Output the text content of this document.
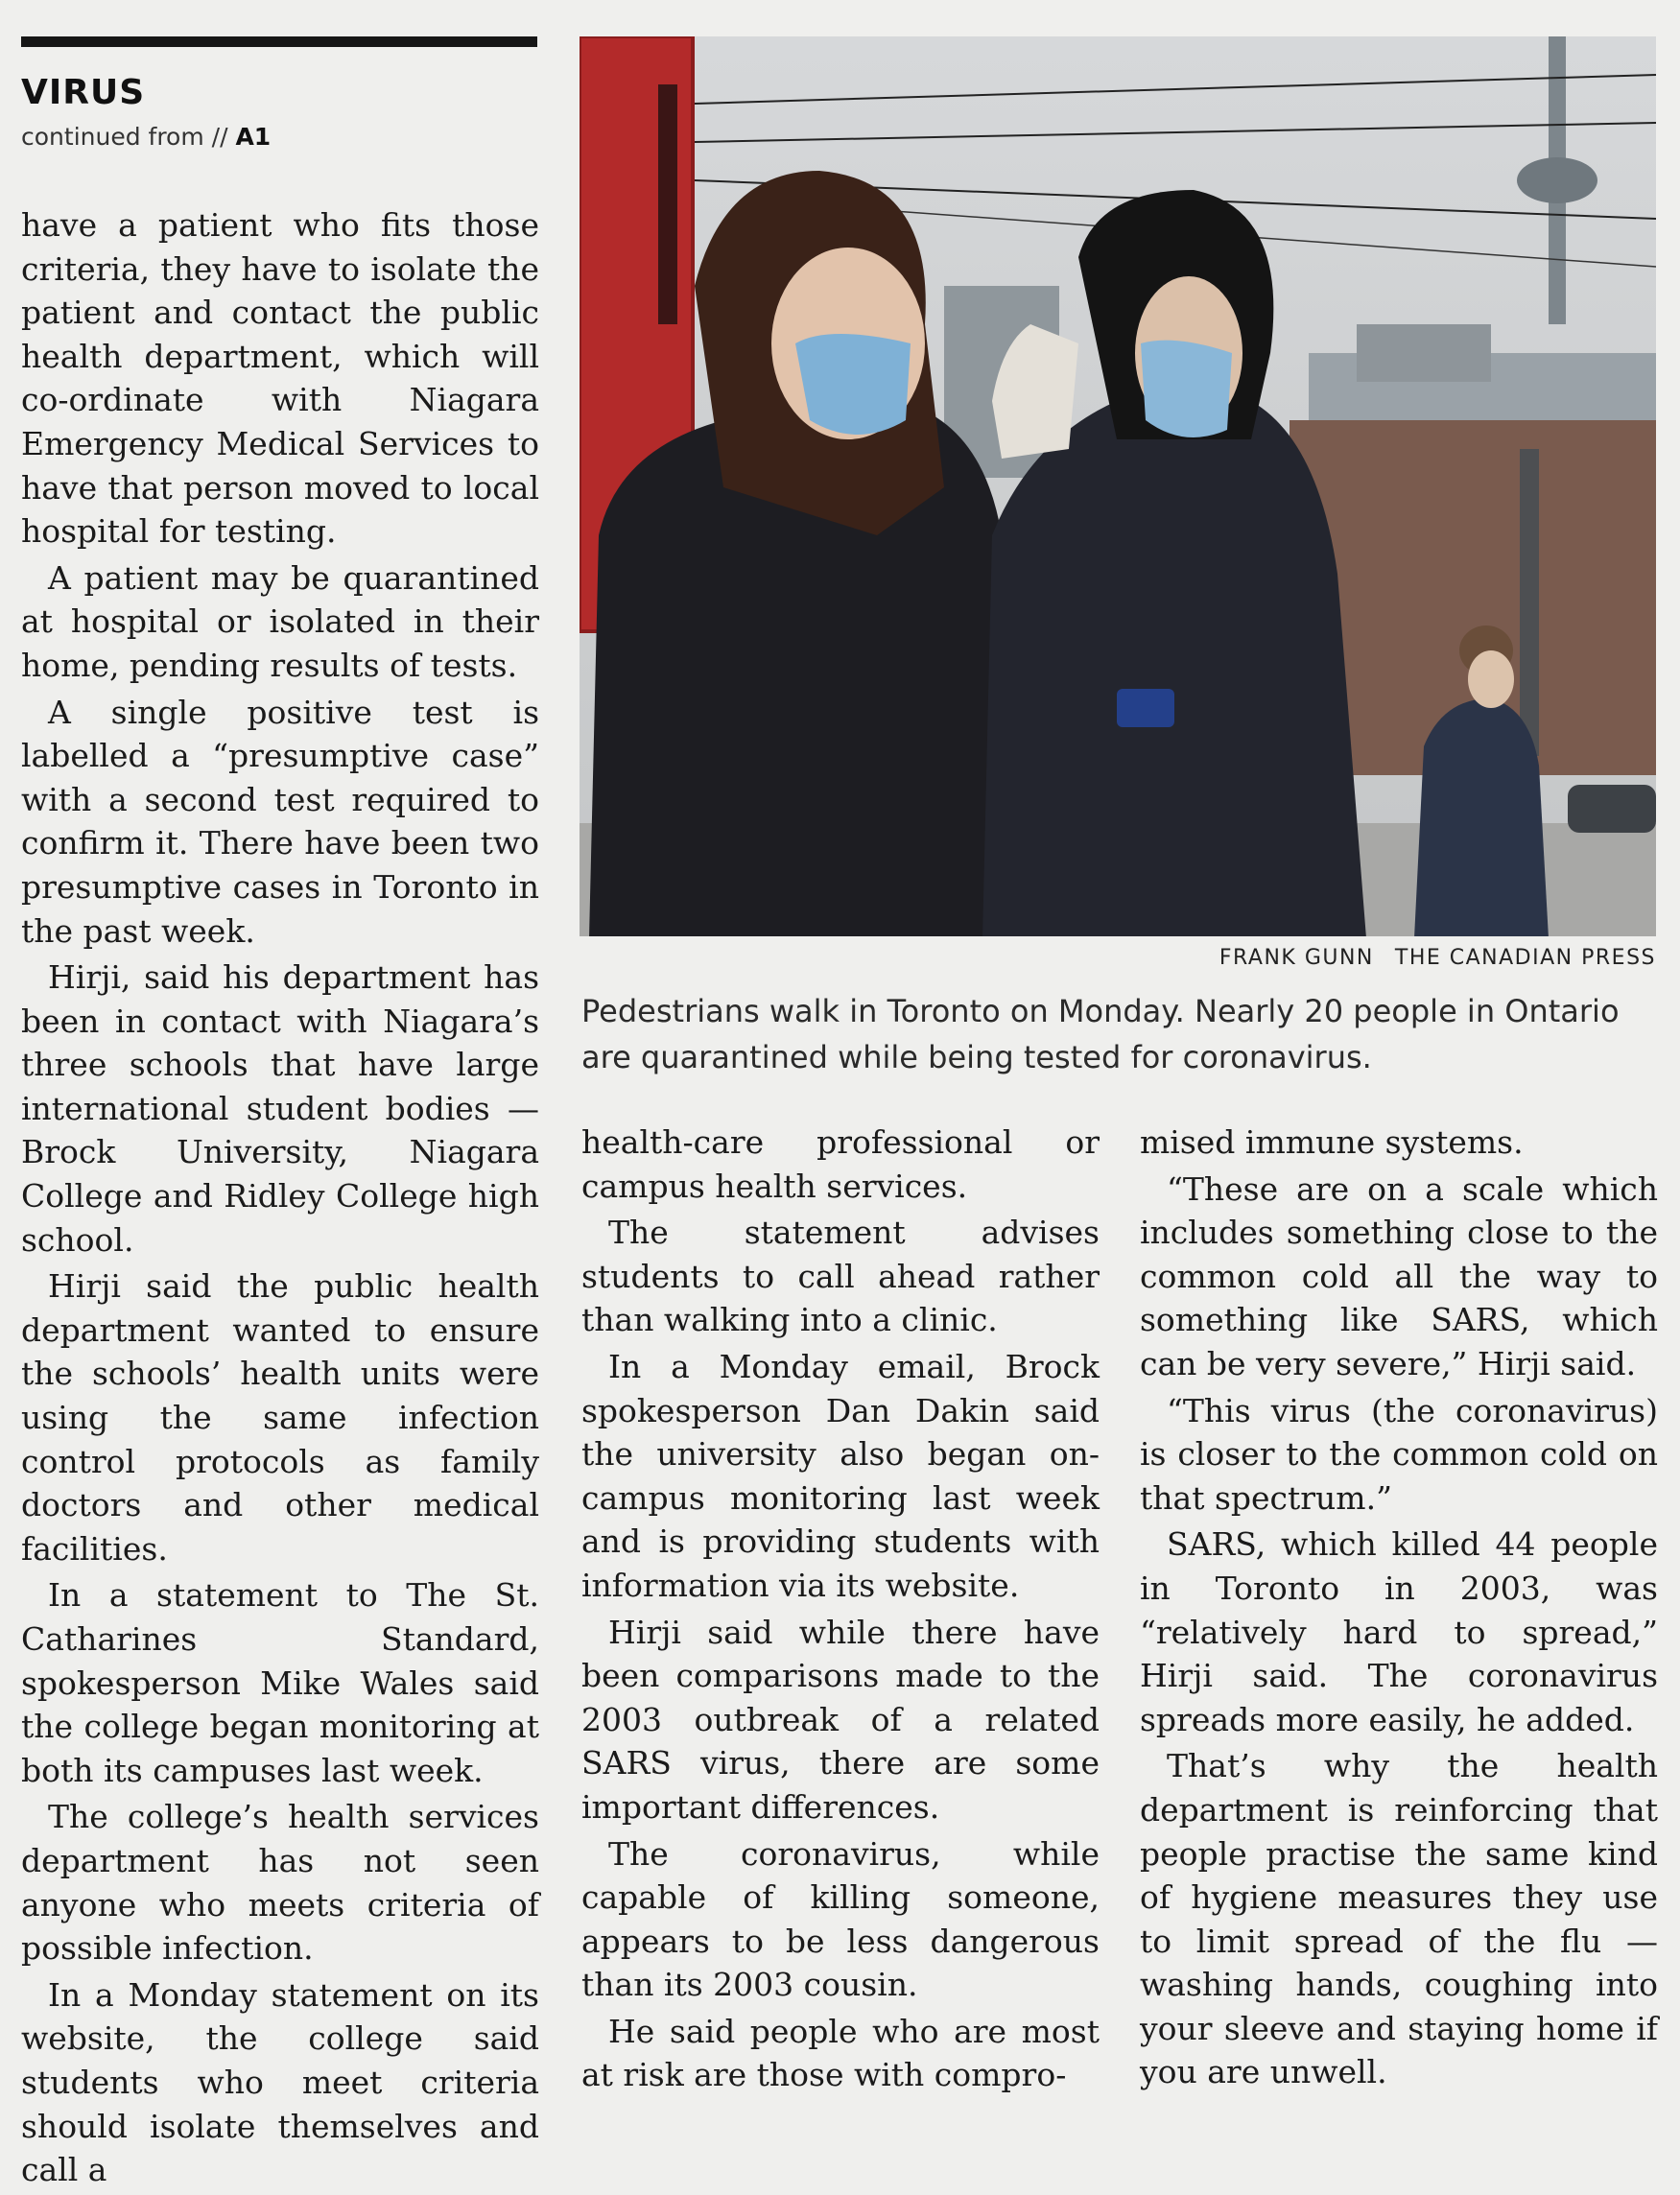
VIRUS
continued from // A1
FRANK GUNN THE CANADIAN PRESS
Pedestrians walk in Toronto on Monday. Nearly 20 people in Ontario are quarantined while being tested for coronavirus.

have a patient who fits those criteria, they have to isolate the patient and contact the public health department, which will co-ordinate with Niagara Emergency Medical Services to have that person moved to local hospital for testing.

A patient may be quarantined at hospital or isolated in their home, pending results of tests.

A single positive test is labelled a “presumptive case” with a second test required to confirm it. There have been two presumptive cases in Toronto in the past week.

Hirji, said his department has been in contact with Niagara’s three schools that have large international student bodies — Brock University, Niagara College and Ridley College high school.

Hirji said the public health department wanted to ensure the schools’ health units were using the same infection control protocols as family doctors and other medical facilities.

In a statement to The St. Catharines Standard, spokesperson Mike Wales said the college began monitoring at both its campuses last week.

The college’s health services department has not seen anyone who meets criteria of possible infection.

In a Monday statement on its website, the college said students who meet criteria should isolate themselves and call a

health-care professional or campus health services.

The statement advises students to call ahead rather than walking into a clinic.

In a Monday email, Brock spokesperson Dan Dakin said the university also began on-campus monitoring last week and is providing students with information via its website.

Hirji said while there have been comparisons made to the 2003 outbreak of a related SARS virus, there are some important differences.

The coronavirus, while capable of killing someone, appears to be less dangerous than its 2003 cousin.

He said people who are most at risk are those with compro-

mised immune systems.

“These are on a scale which includes something close to the common cold all the way to something like SARS, which can be very severe,” Hirji said.

“This virus (the coronavirus) is closer to the common cold on that spectrum.”

SARS, which killed 44 people in Toronto in 2003, was “relatively hard to spread,” Hirji said. The coronavirus spreads more easily, he added.

That’s why the health department is reinforcing that people practise the same kind of hygiene measures they use to limit spread of the flu — washing hands, coughing into your sleeve and staying home if you are unwell.
